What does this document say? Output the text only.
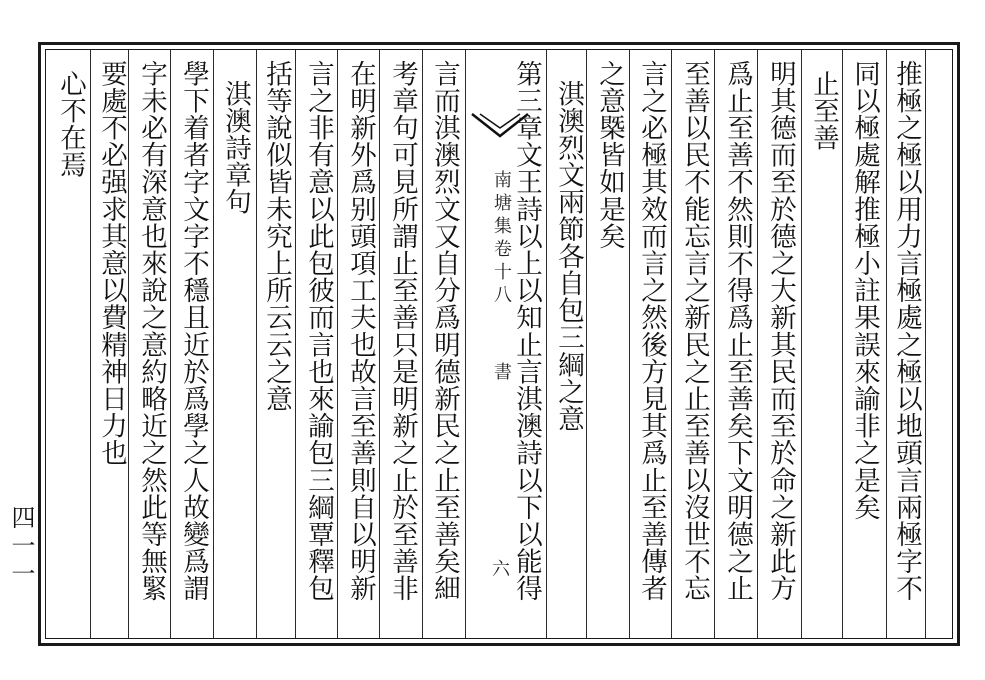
推極之極以用力言極處之極以地頭言兩極字不
同以極處解推極小註果誤來諭非之是矣
止至善
明其德而至於德之大新其民而至於命之新此方
爲止至善不然則不得爲止至善矣下文明德之止
至善以民不能忘言之新民之止至善以沒世不忘
言之必極其效而言之然後方見其爲止至善傳者
之意槩皆如是矣
淇澳烈文兩節各自包三綱之意
第三章文王詩以上以知止言淇澳詩以下以能得
南塘集卷十八
書
六
言而淇澳烈文又自分爲明德新民之止至善矣細
考章句可見所謂止至善只是明新之止於至善非
在明新外爲别頭項工夫也故言至善則自以明新
言之非有意以此包彼而言也來諭包三綱覃釋包
括等說似皆未究上所云云之意
淇澳詩章句
學下着者字文字不穩且近於爲學之人故變爲謂
字未必有深意也來說之意約略近之然此等無緊
要處不必强求其意以費精神日力也
心不在焉
四一一
